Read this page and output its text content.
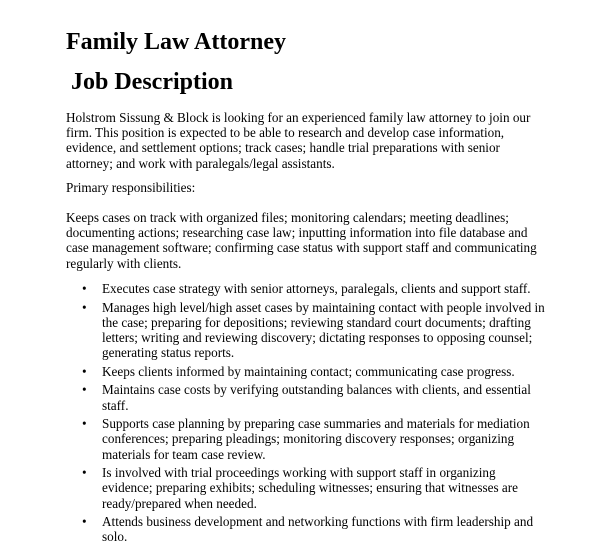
Family Law Attorney
Job Description

Holstrom Sissung & Block is looking for an experienced family law attorney to join our firm. This position is expected to be able to research and develop case information, evidence, and settlement options; track cases; handle trial preparations with senior attorney; and work with paralegals/legal assistants.

Primary responsibilities:

Keeps cases on track with organized files; monitoring calendars; meeting deadlines; documenting actions; researching case law; inputting information into file database and case management software; confirming case status with support staff and communicating regularly with clients.

• Executes case strategy with senior attorneys, paralegals, clients and support staff.
• Manages high level/high asset cases by maintaining contact with people involved in the case; preparing for depositions; reviewing standard court documents; drafting letters; writing and reviewing discovery; dictating responses to opposing counsel; generating status reports.
• Keeps clients informed by maintaining contact; communicating case progress.
• Maintains case costs by verifying outstanding balances with clients, and essential staff.
• Supports case planning by preparing case summaries and materials for mediation conferences; preparing pleadings; monitoring discovery responses; organizing materials for team case review.
• Is involved with trial proceedings working with support staff in organizing evidence; preparing exhibits; scheduling witnesses; ensuring that witnesses are ready/prepared when needed.
• Attends business development and networking functions with firm leadership and solo.
